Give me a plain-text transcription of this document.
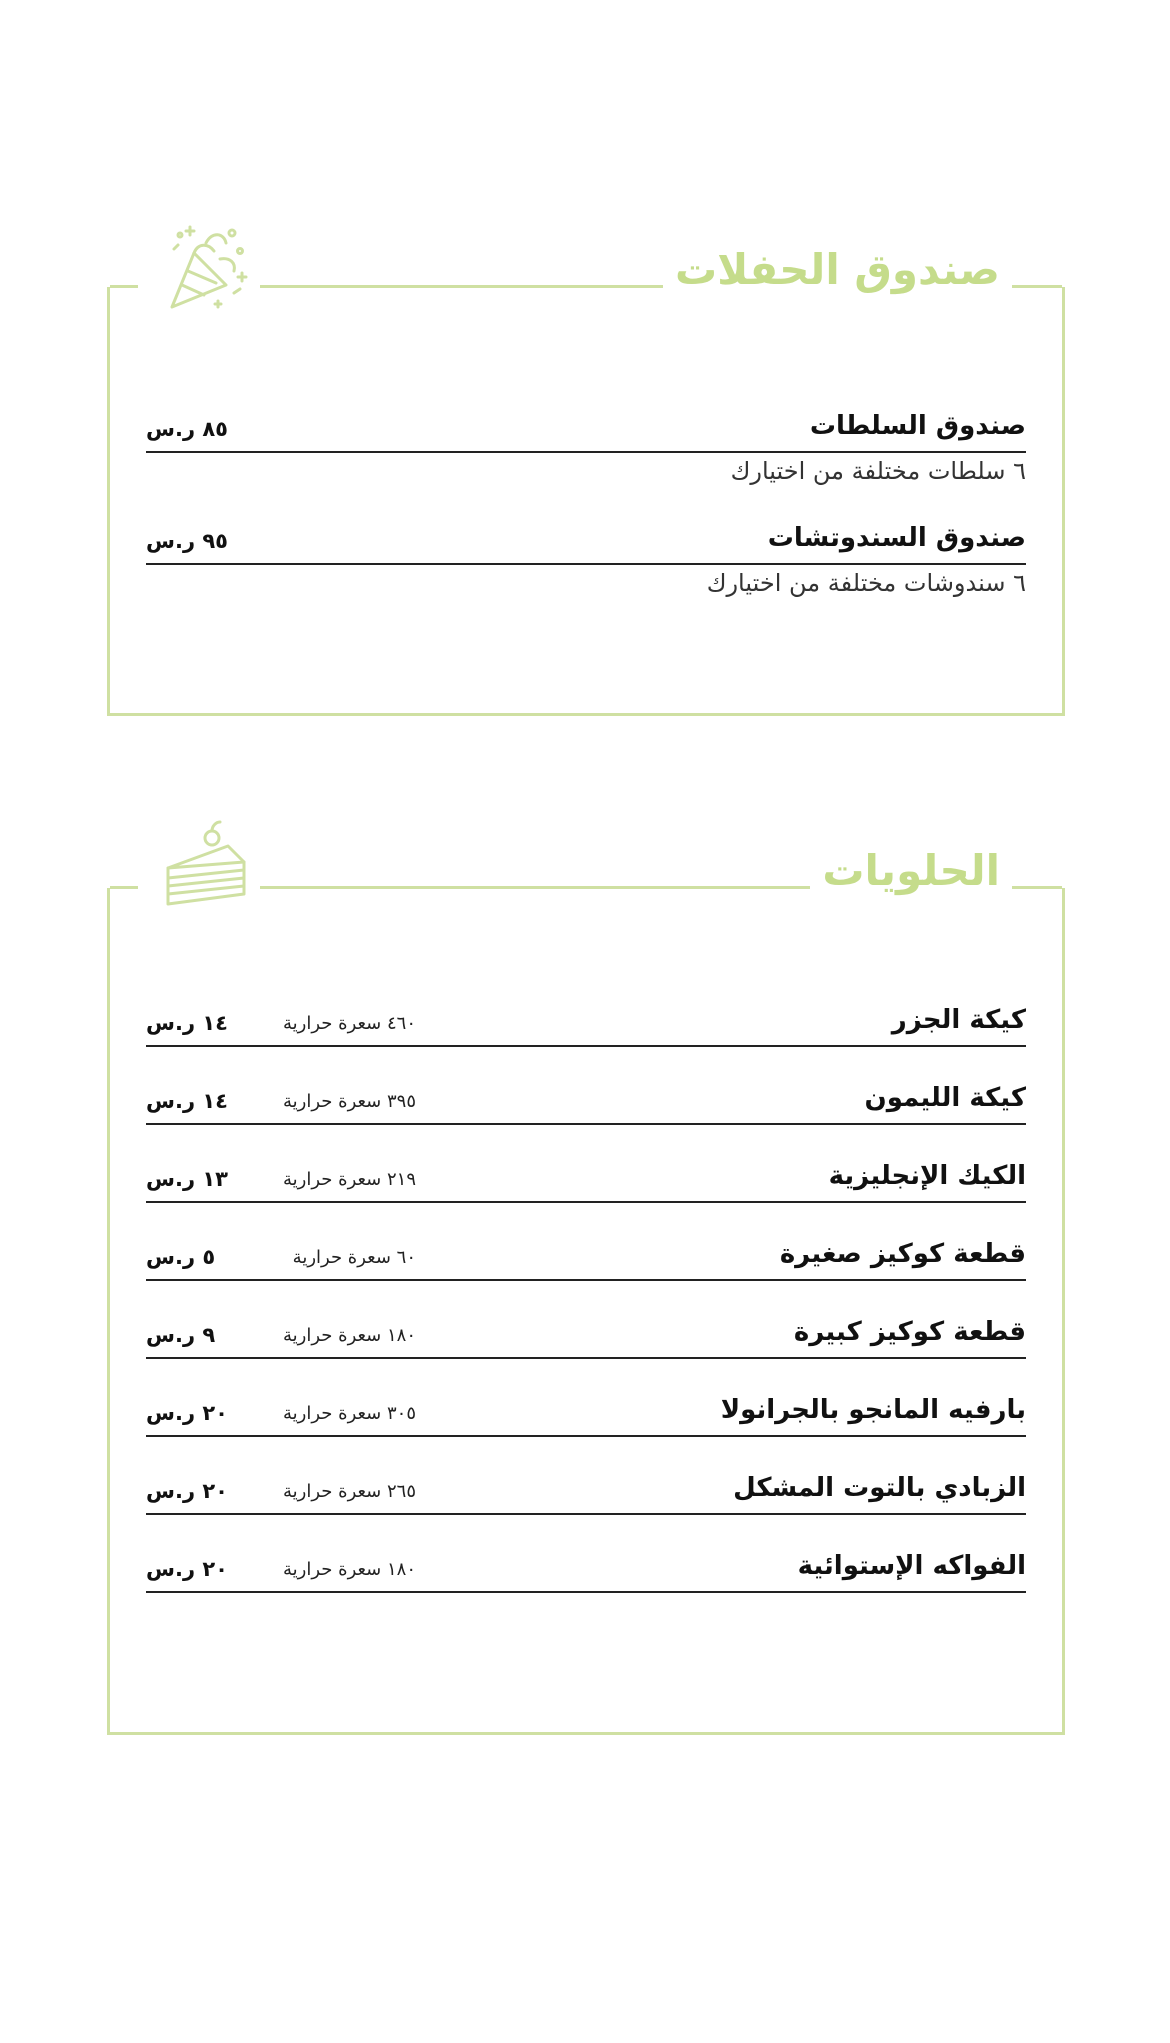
صندوق الحفلات
صندوق السلطات
٨٥ ر.س
٦ سلطات مختلفة من اختيارك
صندوق السندوتشات
٩٥ ر.س
٦ سندوشات مختلفة من اختيارك
الحلويات
كيكة الجزر
٤٦٠ سعرة حرارية
١٤ ر.س
كيكة الليمون
٣٩٥ سعرة حرارية
١٤ ر.س
الكيك الإنجليزية
٢١٩ سعرة حرارية
١٣ ر.س
قطعة كوكيز صغيرة
٦٠ سعرة حرارية
٥ ر.س
قطعة كوكيز كبيرة
١٨٠ سعرة حرارية
٩ ر.س
بارفيه المانجو بالجرانولا
٣٠٥ سعرة حرارية
٢٠ ر.س
الزبادي بالتوت المشكل
٢٦٥ سعرة حرارية
٢٠ ر.س
الفواكه الإستوائية
١٨٠ سعرة حرارية
٢٠ ر.س
